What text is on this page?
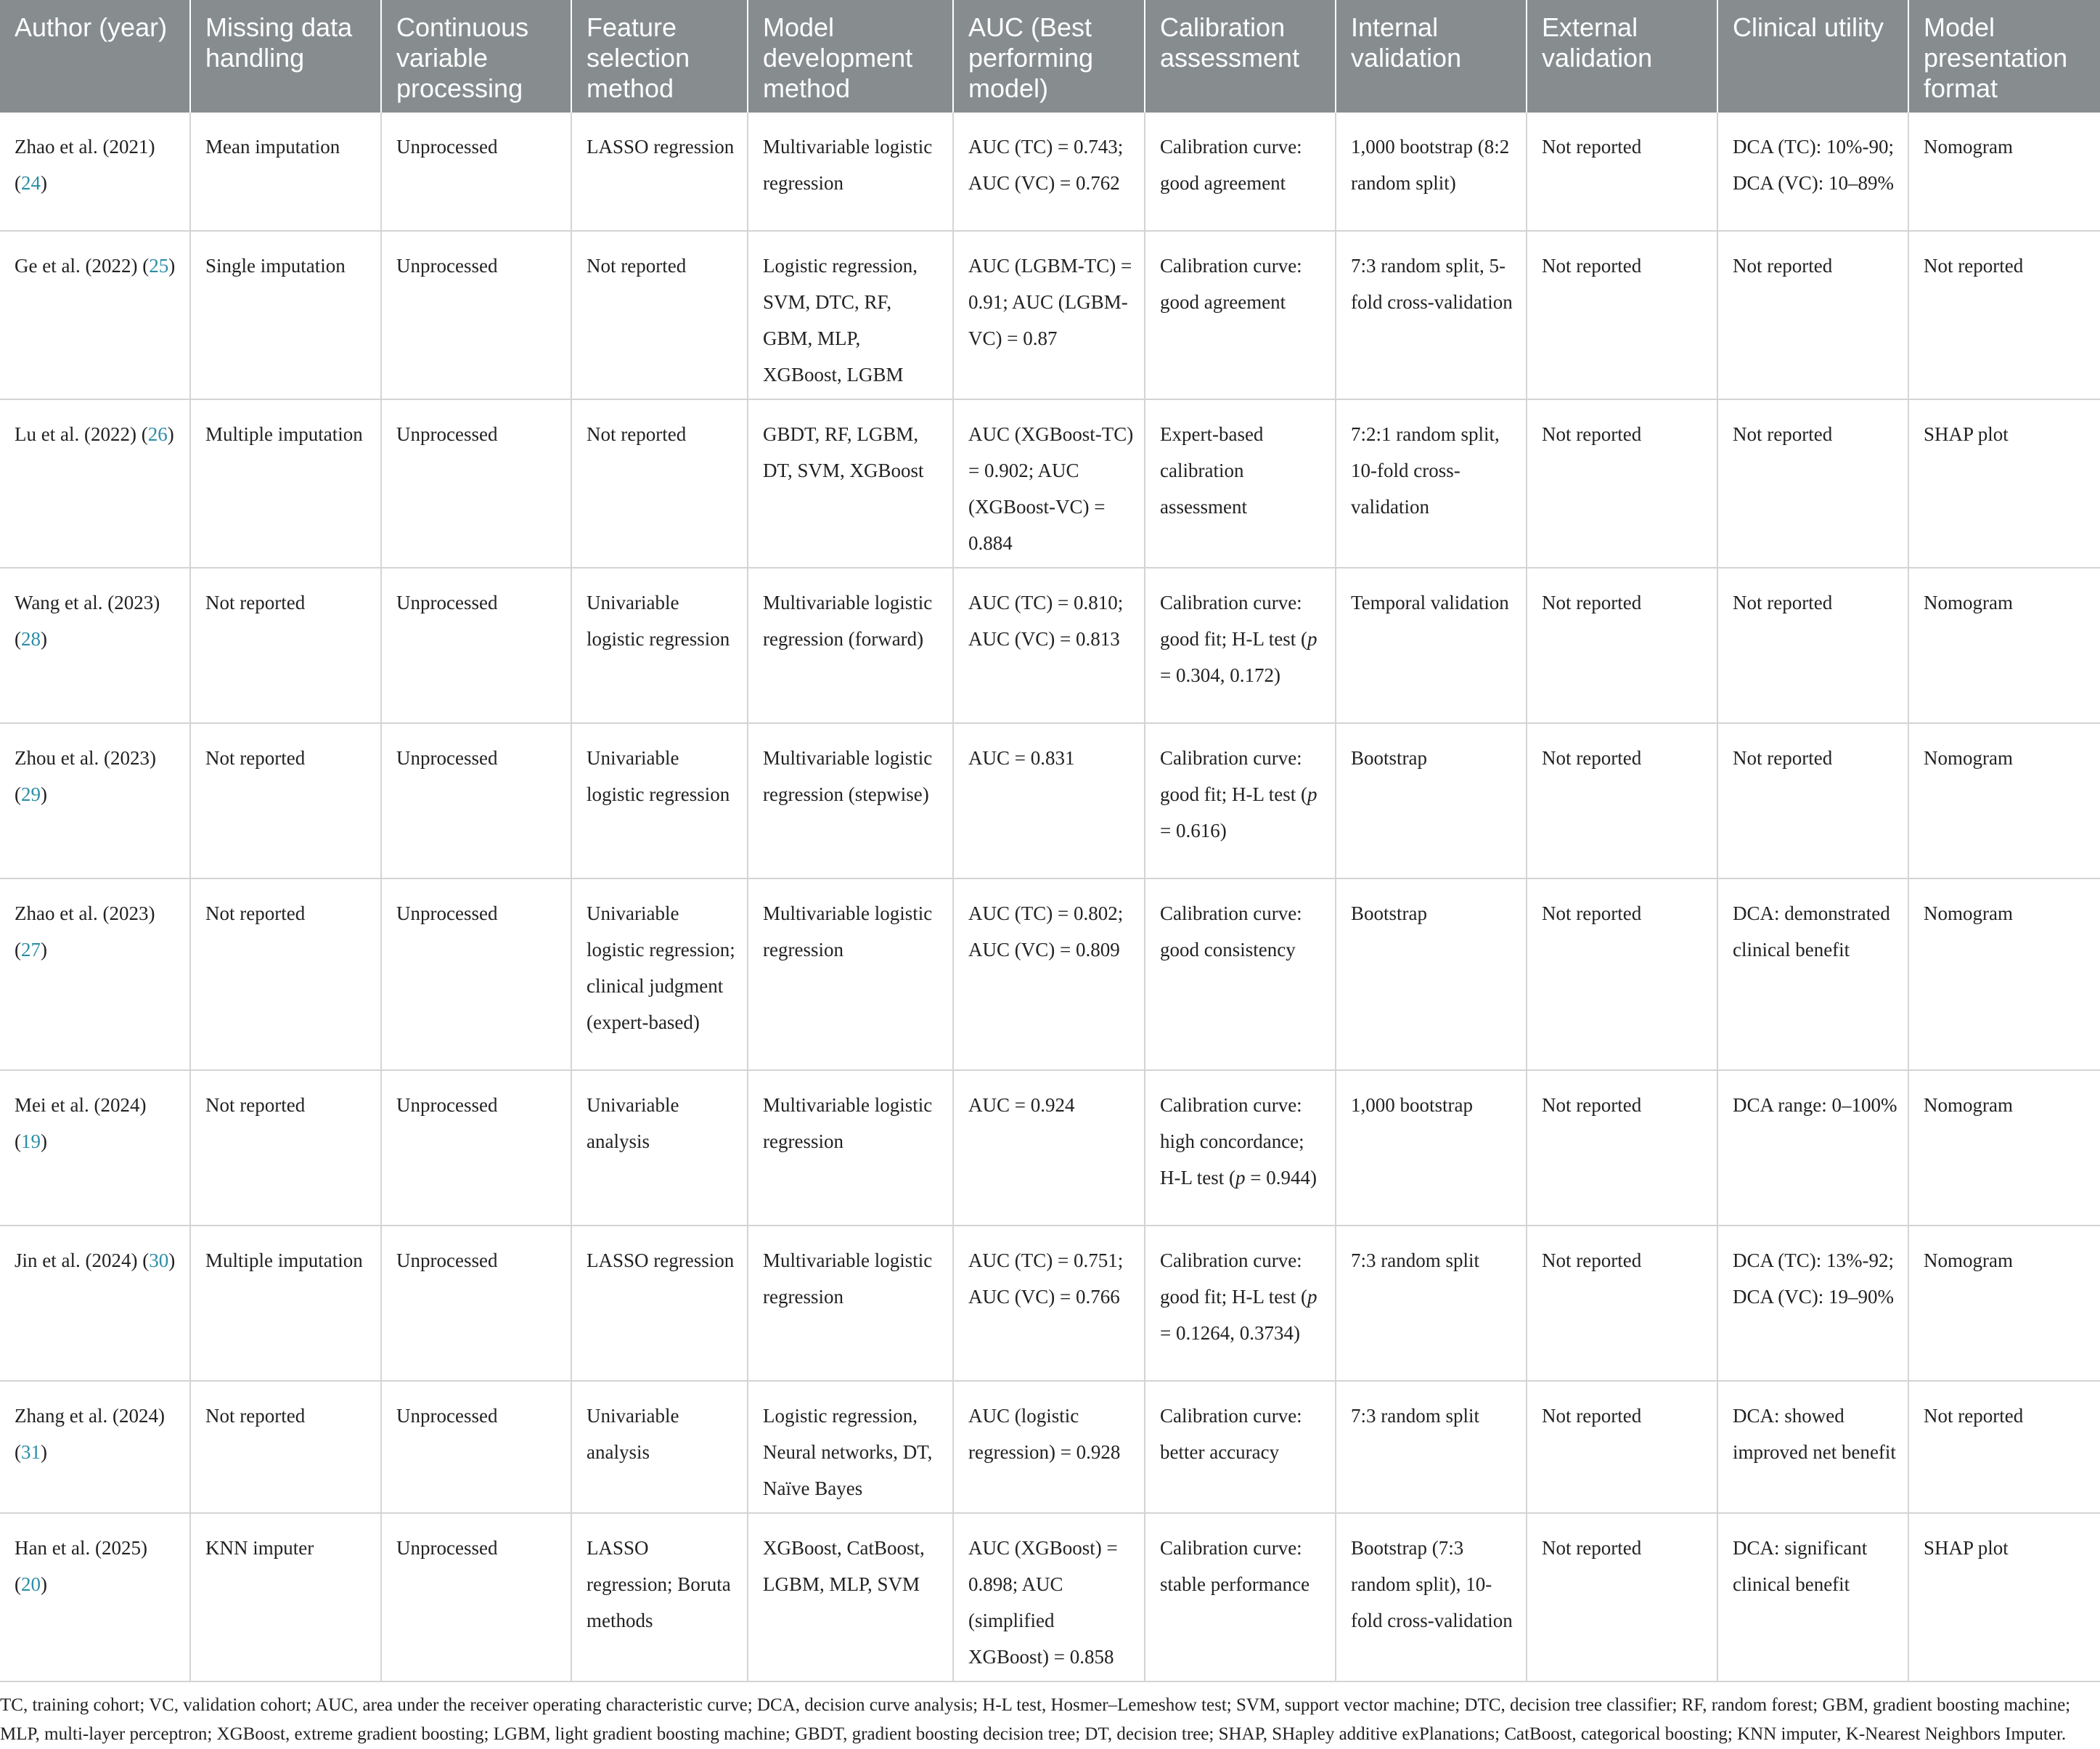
Author (year)	Missing data handling	Continuous variable processing	Feature selection method	Model development method	AUC (Best performing model)	Calibration assessment	Internal validation	External validation	Clinical utility	Model presentation format
Zhao et al. (2021) (24)	Mean imputation	Unprocessed	LASSO regression	Multivariable logistic regression	AUC (TC) = 0.743; AUC (VC) = 0.762	Calibration curve: good agreement	1,000 bootstrap (8:2 random split)	Not reported	DCA (TC): 10%-90; DCA (VC): 10–89%	Nomogram
Ge et al. (2022) (25)	Single imputation	Unprocessed	Not reported	Logistic regression, SVM, DTC, RF, GBM, MLP, XGBoost, LGBM	AUC (LGBM-TC) = 0.91; AUC (LGBM-VC) = 0.87	Calibration curve: good agreement	7:3 random split, 5-fold cross-validation	Not reported	Not reported	Not reported
Lu et al. (2022) (26)	Multiple imputation	Unprocessed	Not reported	GBDT, RF, LGBM, DT, SVM, XGBoost	AUC (XGBoost-TC) = 0.902; AUC (XGBoost-VC) = 0.884	Expert-based calibration assessment	7:2:1 random split, 10-fold cross-validation	Not reported	Not reported	SHAP plot
Wang et al. (2023) (28)	Not reported	Unprocessed	Univariable logistic regression	Multivariable logistic regression (forward)	AUC (TC) = 0.810; AUC (VC) = 0.813	Calibration curve: good fit; H-L test (p = 0.304, 0.172)	Temporal validation	Not reported	Not reported	Nomogram
Zhou et al. (2023) (29)	Not reported	Unprocessed	Univariable logistic regression	Multivariable logistic regression (stepwise)	AUC = 0.831	Calibration curve: good fit; H-L test (p = 0.616)	Bootstrap	Not reported	Not reported	Nomogram
Zhao et al. (2023) (27)	Not reported	Unprocessed	Univariable logistic regression; clinical judgment (expert-based)	Multivariable logistic regression	AUC (TC) = 0.802; AUC (VC) = 0.809	Calibration curve: good consistency	Bootstrap	Not reported	DCA: demonstrated clinical benefit	Nomogram
Mei et al. (2024) (19)	Not reported	Unprocessed	Univariable analysis	Multivariable logistic regression	AUC = 0.924	Calibration curve: high concordance; H-L test (p = 0.944)	1,000 bootstrap	Not reported	DCA range: 0–100%	Nomogram
Jin et al. (2024) (30)	Multiple imputation	Unprocessed	LASSO regression	Multivariable logistic regression	AUC (TC) = 0.751; AUC (VC) = 0.766	Calibration curve: good fit; H-L test (p = 0.1264, 0.3734)	7:3 random split	Not reported	DCA (TC): 13%-92; DCA (VC): 19–90%	Nomogram
Zhang et al. (2024) (31)	Not reported	Unprocessed	Univariable analysis	Logistic regression, Neural networks, DT, Naïve Bayes	AUC (logistic regression) = 0.928	Calibration curve: better accuracy	7:3 random split	Not reported	DCA: showed improved net benefit	Not reported
Han et al. (2025) (20)	KNN imputer	Unprocessed	LASSO regression; Boruta methods	XGBoost, CatBoost, LGBM, MLP, SVM	AUC (XGBoost) = 0.898; AUC (simplified XGBoost) = 0.858	Calibration curve: stable performance	Bootstrap (7:3 random split), 10-fold cross-validation	Not reported	DCA: significant clinical benefit	SHAP plot

TC, training cohort; VC, validation cohort; AUC, area under the receiver operating characteristic curve; DCA, decision curve analysis; H-L test, Hosmer–Lemeshow test; SVM, support vector machine; DTC, decision tree classifier; RF, random forest; GBM, gradient boosting machine; MLP, multi-layer perceptron; XGBoost, extreme gradient boosting; LGBM, light gradient boosting machine; GBDT, gradient boosting decision tree; DT, decision tree; SHAP, SHapley additive exPlanations; CatBoost, categorical boosting; KNN imputer, K-Nearest Neighbors Imputer.
